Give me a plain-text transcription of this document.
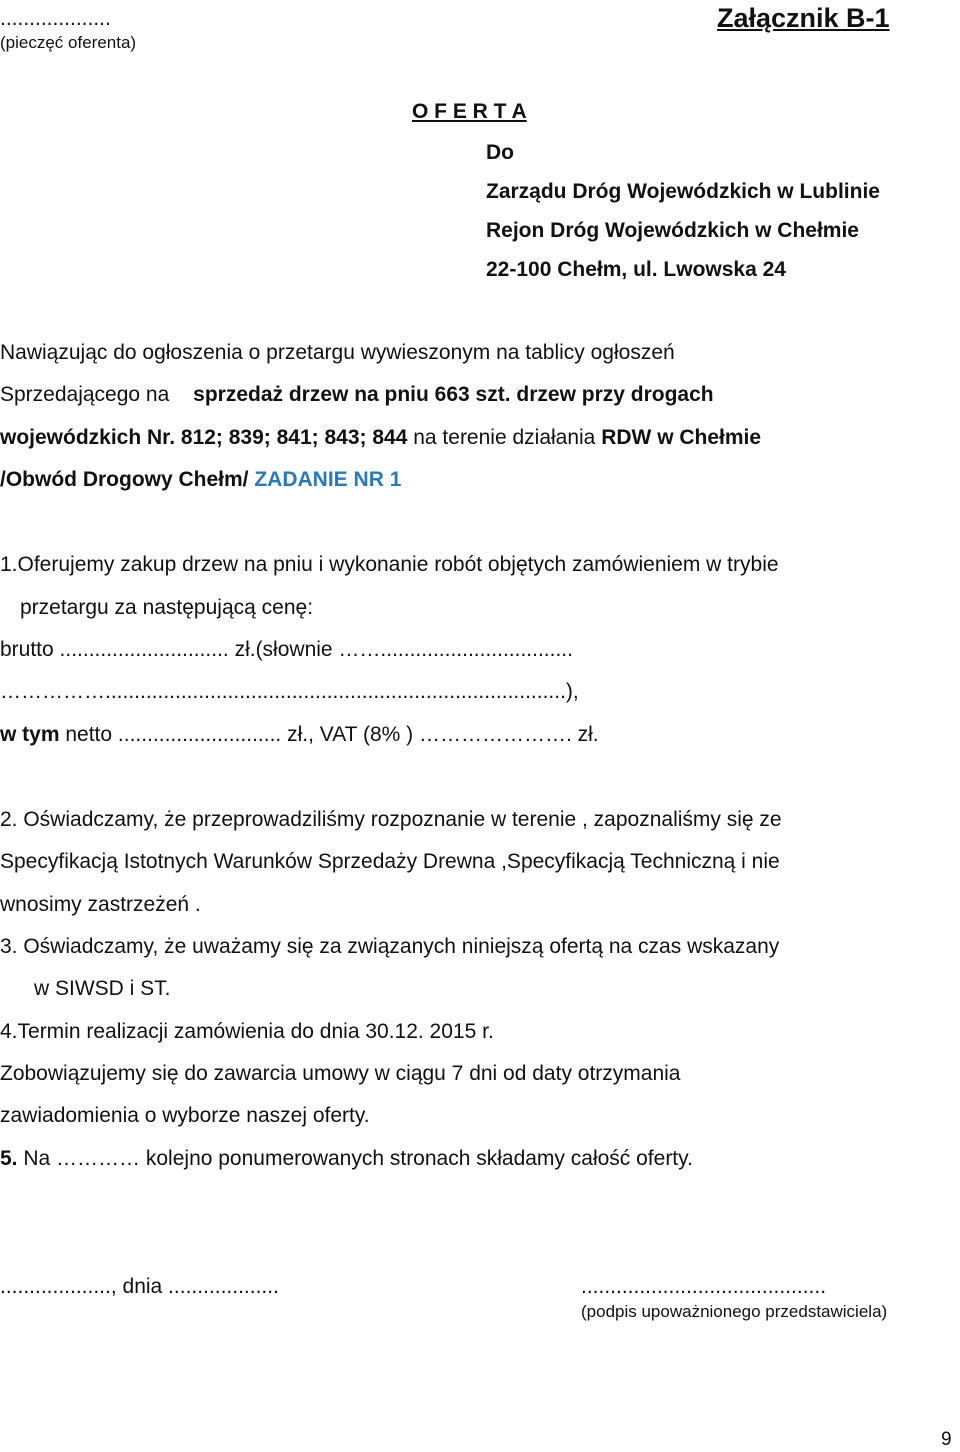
...................
(pieczęć oferenta)
Załącznik B-1
O F E R T A
Do
Zarządu Dróg Wojewódzkich w Lublinie
Rejon Dróg Wojewódzkich w Chełmie
22-100 Chełm, ul. Lwowska 24
Nawiązując do ogłoszenia o przetargu wywieszonym na tablicy ogłoszeń
Sprzedającego na sprzedaż drzew na pniu 663 szt. drzew przy drogach
wojewódzkich Nr. 812; 839; 841; 843; 844 na terenie działania RDW w Chełmie
/Obwód Drogowy Chełm/ ZADANIE NR 1
1.Oferujemy zakup drzew na pniu i wykonanie robót objętych zamówieniem w trybie
przetargu za następującą cenę:
brutto ............................. zł.(słownie …….................................
……………...............................................................................),
w tym netto ............................ zł., VAT (8% ) …………………. zł.
2. Oświadczamy, że przeprowadziliśmy rozpoznanie w terenie , zapoznaliśmy się ze
Specyfikacją Istotnych Warunków Sprzedaży Drewna ,Specyfikacją Techniczną i nie
wnosimy zastrzeżeń .
3. Oświadczamy, że uważamy się za związanych niniejszą ofertą na czas wskazany
w SIWSD i ST.
4.Termin realizacji zamówienia do dnia 30.12. 2015 r.
Zobowiązujemy się do zawarcia umowy w ciągu 7 dni od daty otrzymania
zawiadomienia o wyborze naszej oferty.
5. Na ………… kolejno ponumerowanych stronach składamy całość oferty.
..................., dnia ...................	..........................................
(podpis upoważnionego przedstawiciela)
9
